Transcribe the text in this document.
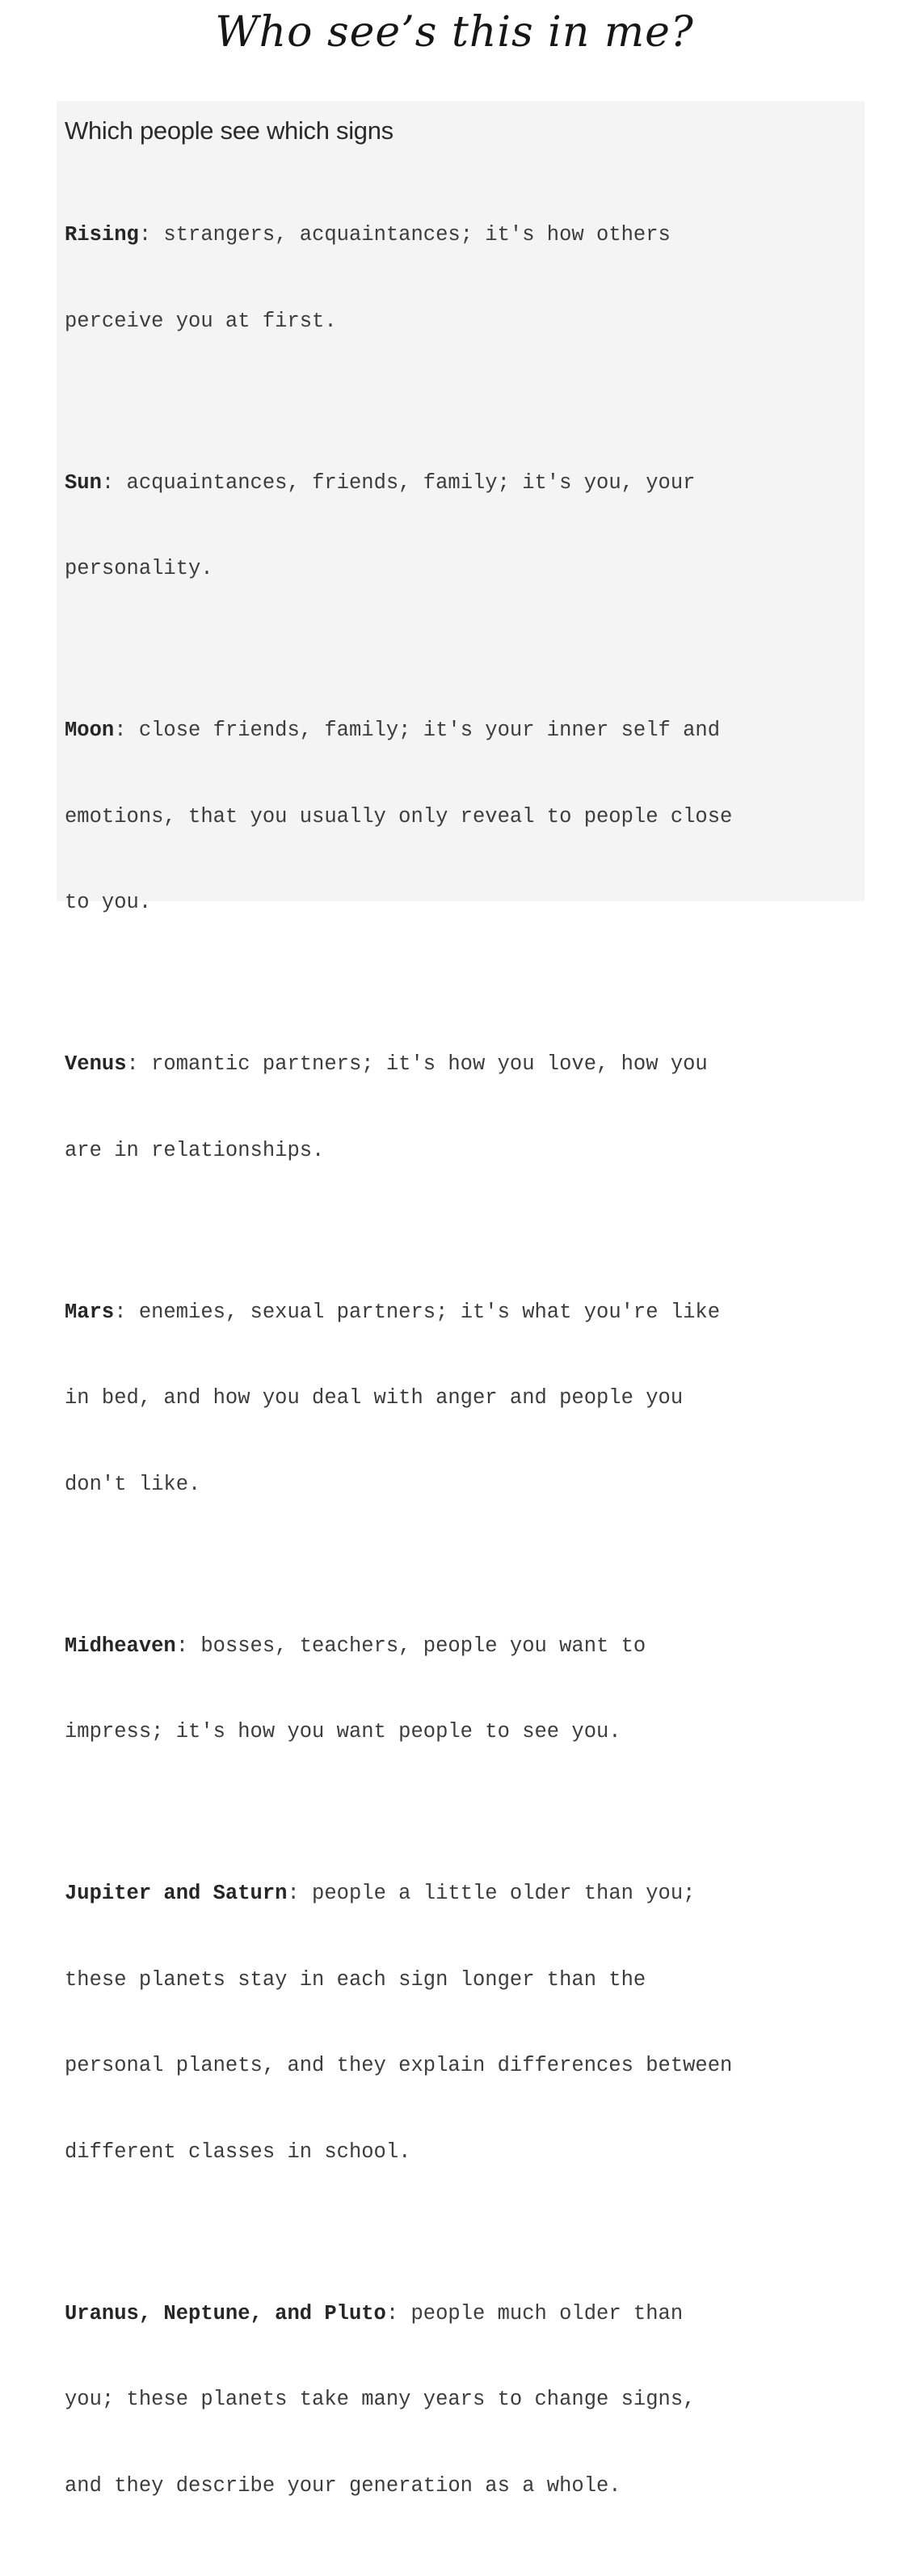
Who see’s this in me?
Which people see which signs

Rising: strangers, acquaintances; it's how others

perceive you at first.

Sun: acquaintances, friends, family; it's you, your

personality.

Moon: close friends, family; it's your inner self and

emotions, that you usually only reveal to people close

to you.

Venus: romantic partners; it's how you love, how you

are in relationships.

Mars: enemies, sexual partners; it's what you're like

in bed, and how you deal with anger and people you

don't like.

Midheaven: bosses, teachers, people you want to

impress; it's how you want people to see you.

Jupiter and Saturn: people a little older than you;

these planets stay in each sign longer than the

personal planets, and they explain differences between

different classes in school.

Uranus, Neptune, and Pluto: people much older than

you; these planets take many years to change signs,

and they describe your generation as a whole.
